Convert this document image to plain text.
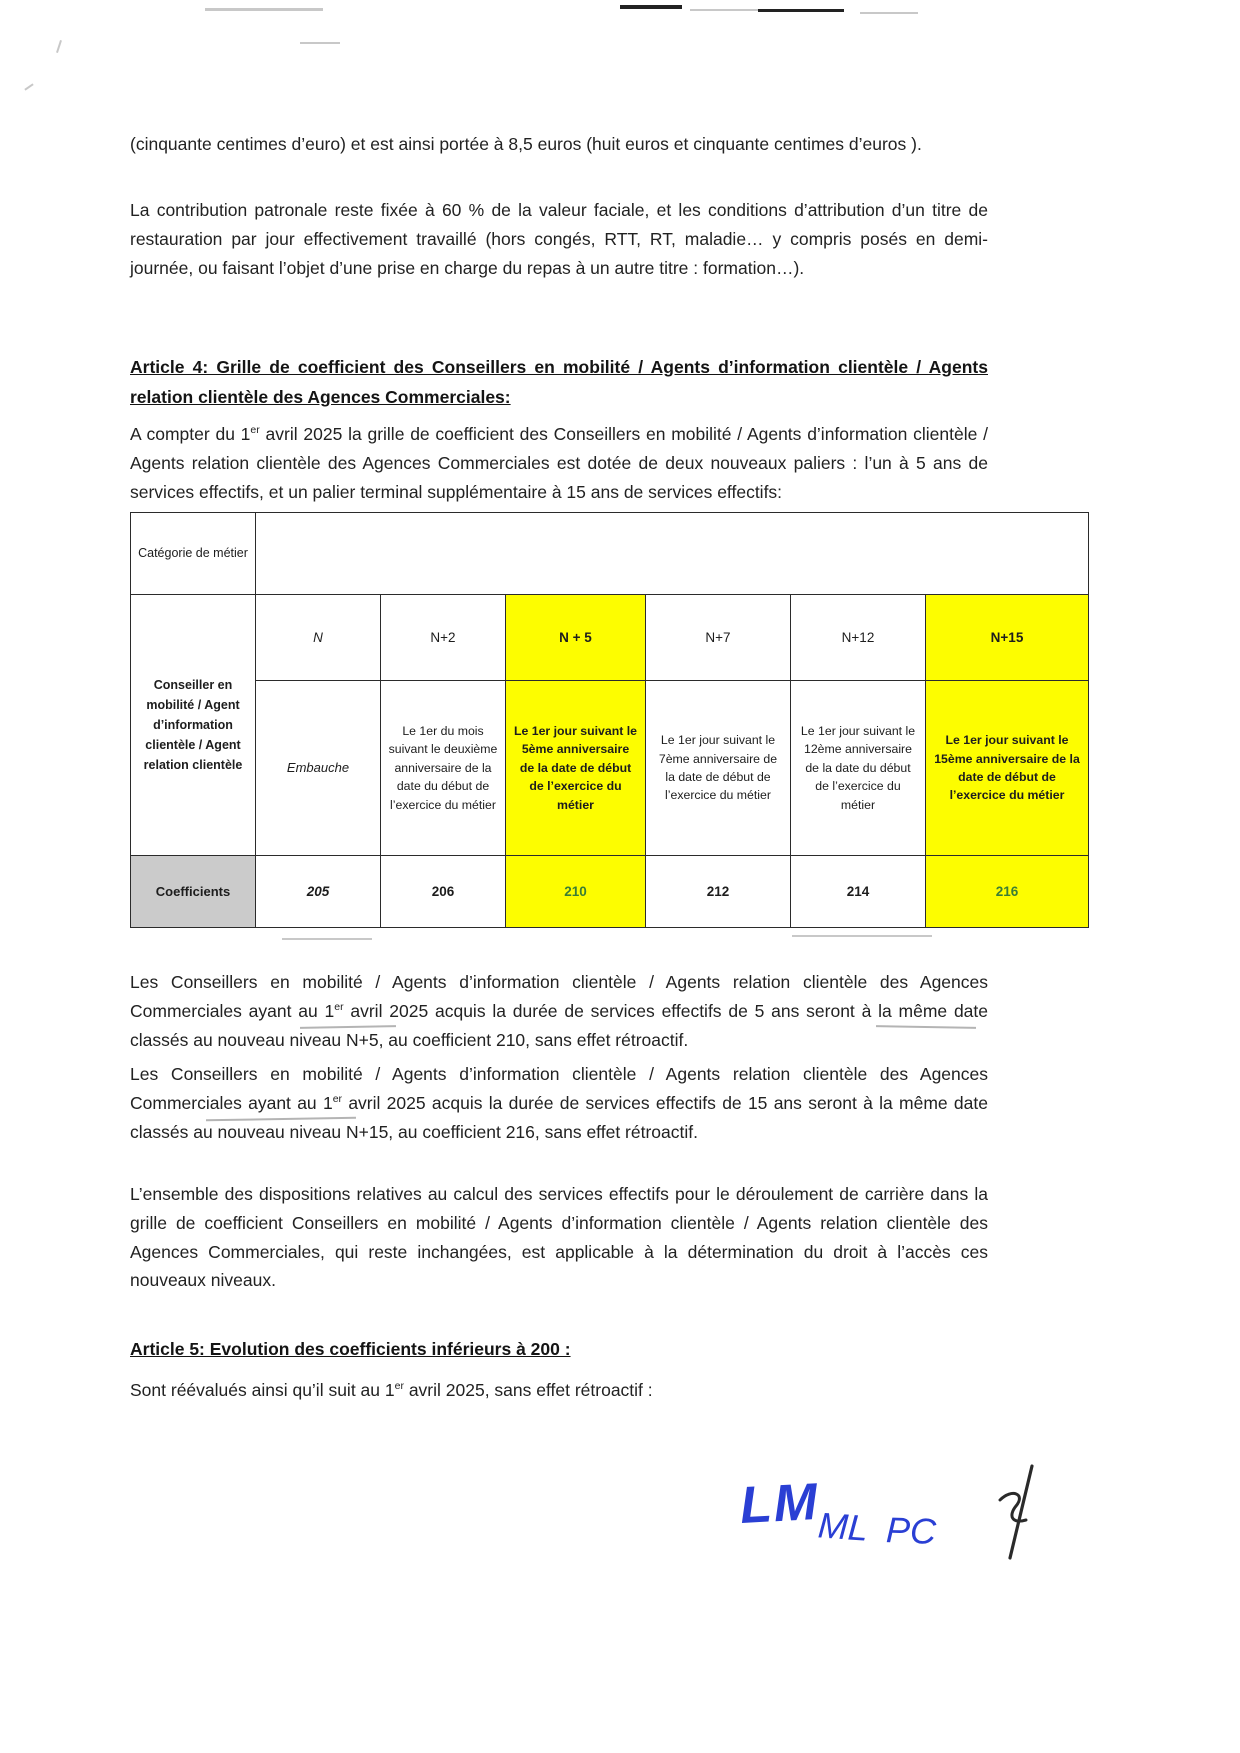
(cinquante centimes d’euro) et est ainsi portée à 8,5 euros (huit euros et cinquante centimes d’euros ).

La contribution patronale reste fixée à 60 % de la valeur faciale, et les conditions d’attribution d’un titre de restauration par jour effectivement travaillé (hors congés, RTT, RT, maladie… y compris posés en demi-journée, ou faisant l’objet d’une prise en charge du repas à un autre titre : formation…).

Article 4: Grille de coefficient des Conseillers en mobilité / Agents d’information clientèle / Agents relation clientèle des Agences Commerciales:

A compter du 1er avril 2025 la grille de coefficient des Conseillers en mobilité / Agents d’information clientèle / Agents relation clientèle des Agences Commerciales est dotée de deux nouveaux paliers : l’un à 5 ans de services effectifs, et un palier terminal supplémentaire à 15 ans de services effectifs:

Catégorie de métier						
Conseiller en mobilité / Agent d’information clientèle / Agent relation clientèle	N	N+2	N + 5	N+7	N+12	N+15
	Embauche	Le 1er du mois suivant le deuxième anniversaire de la date du début de l’exercice du métier	Le 1er jour suivant le 5ème anniversaire de la date de début de l’exercice du métier	Le 1er jour suivant le 7ème anniversaire de la date de début de l’exercice du métier	Le 1er jour suivant le 12ème anniversaire de la date du début de l’exercice du métier	Le 1er jour suivant le 15ème anniversaire de la date de début de l’exercice du métier
Coefficients	205	206	210	212	214	216

Les Conseillers en mobilité / Agents d’information clientèle / Agents relation clientèle des Agences Commerciales ayant au 1er avril 2025 acquis la durée de services effectifs de 5 ans seront à la même date classés au nouveau niveau N+5, au coefficient 210, sans effet rétroactif.

Les Conseillers en mobilité / Agents d’information clientèle / Agents relation clientèle des Agences Commerciales ayant au 1er avril 2025 acquis la durée de services effectifs de 15 ans seront à la même date classés au nouveau niveau N+15, au coefficient 216, sans effet rétroactif.

L’ensemble des dispositions relatives au calcul des services effectifs pour le déroulement de carrière dans la grille de coefficient Conseillers en mobilité / Agents d’information clientèle / Agents relation clientèle des Agences Commerciales, qui reste inchangées, est applicable à la détermination du droit à l’accès ces nouveaux niveaux.

Article 5: Evolution des coefficients inférieurs à 200 :

Sont réévalués ainsi qu’il suit au 1er avril 2025, sans effet rétroactif :

LM
ML PC
